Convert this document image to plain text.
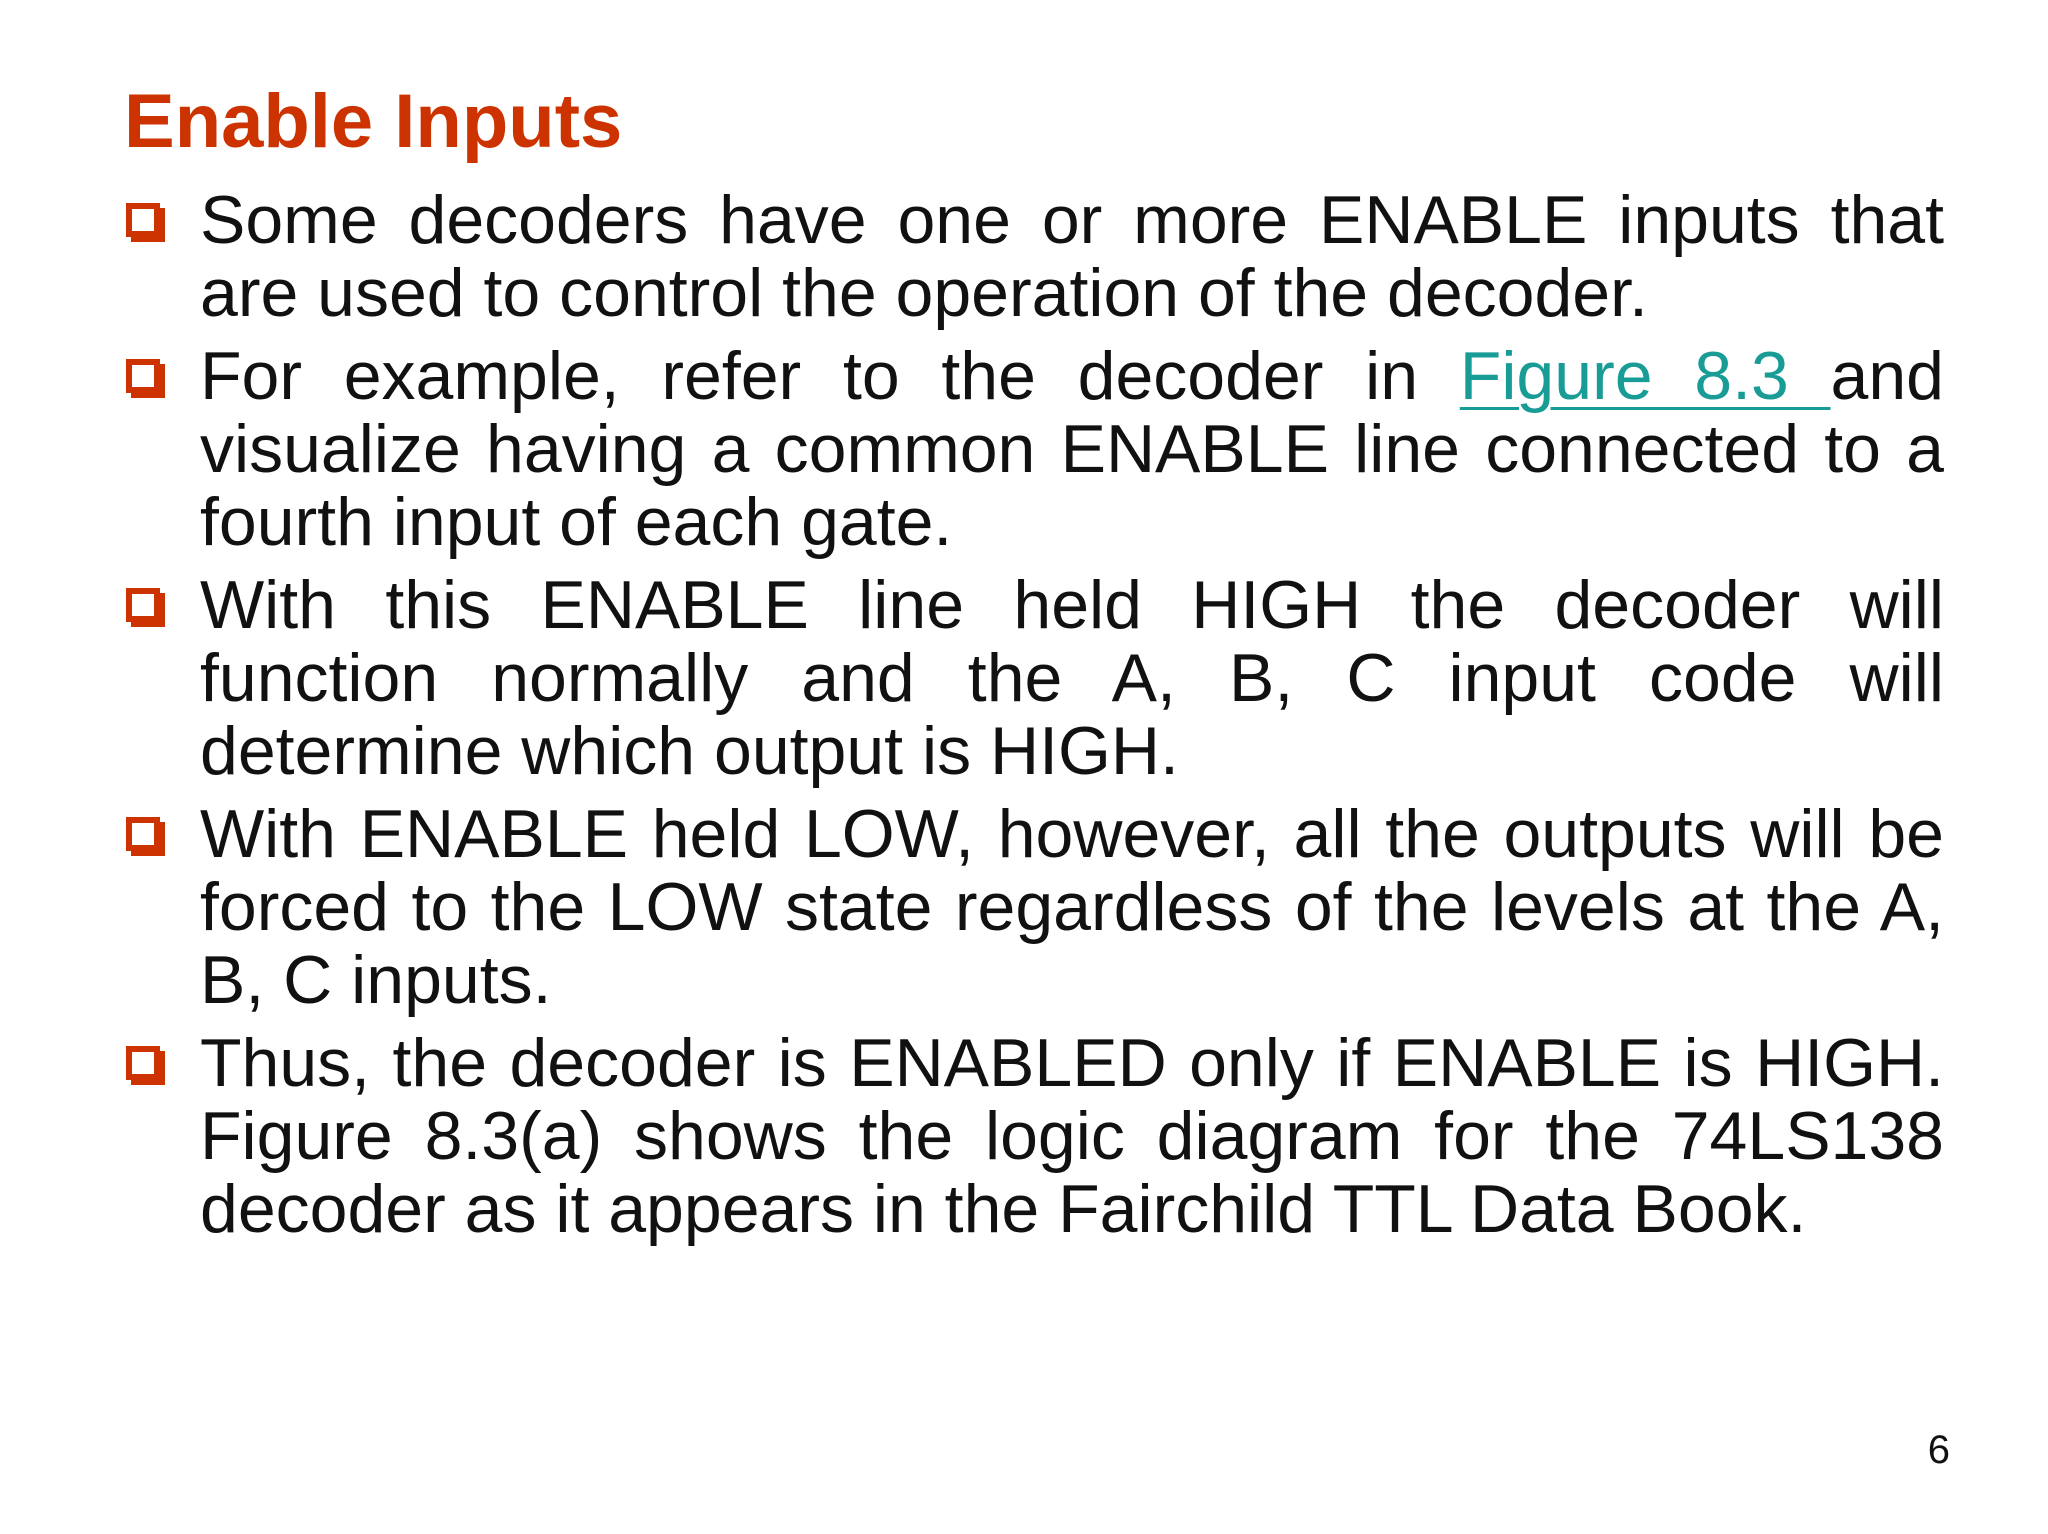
Enable Inputs
Some decoders have one or more ENABLE inputs that are used to control the operation of the decoder.
For example, refer to the decoder in Figure 8.3 and visualize having a common ENABLE line connected to a fourth input of each gate.
With this ENABLE line held HIGH the decoder will function normally and the A, B, C input code will determine which output is HIGH.
With ENABLE held LOW, however, all the outputs will be forced to the LOW state regardless of the levels at the A, B, C inputs.
Thus, the decoder is ENABLED only if ENABLE is HIGH. Figure 8.3(a) shows the logic diagram for the 74LS138 decoder as it appears in the Fairchild TTL Data Book.
6
